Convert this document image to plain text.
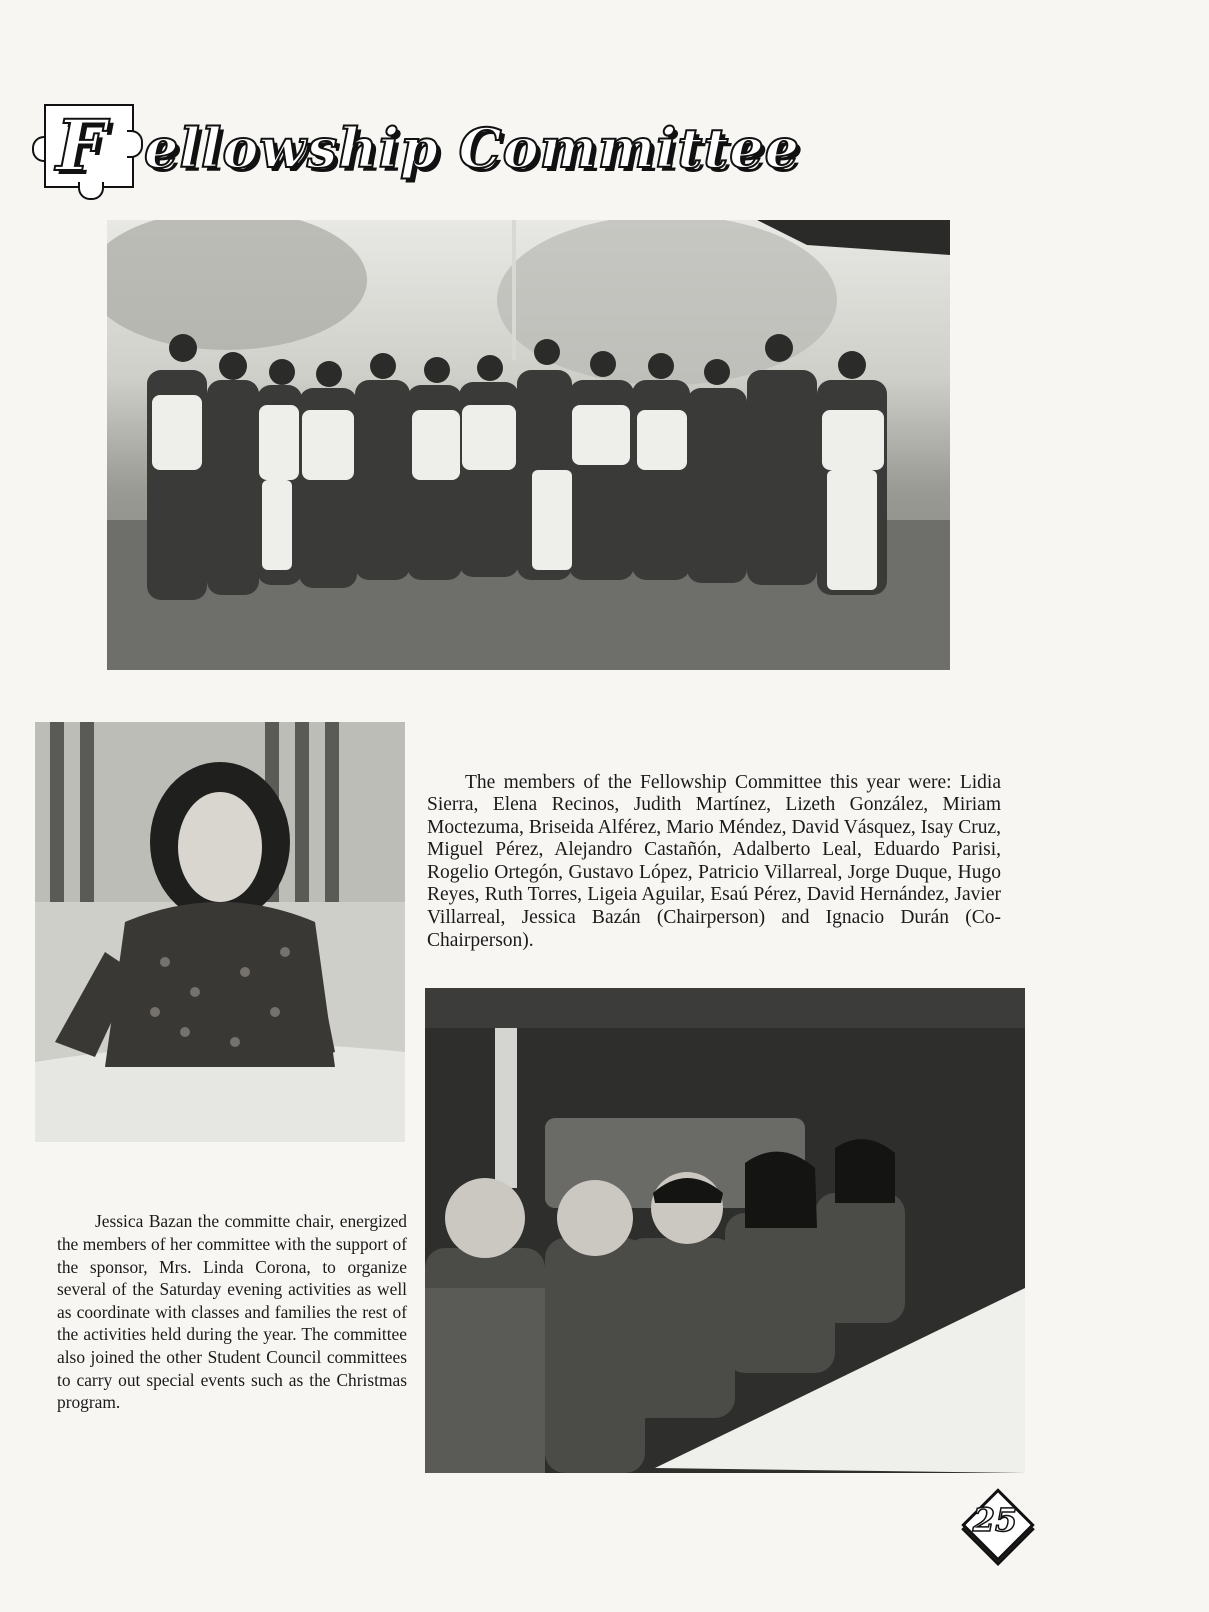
F ellowship Committee

The members of the Fellowship Committee this year were: Lidia Sierra, Elena Recinos, Judith Martínez, Lizeth González, Miriam Moctezuma, Briseida Alférez, Mario Méndez, David Vásquez, Isay Cruz, Miguel Pérez, Alejandro Castañón, Adalberto Leal, Eduardo Parisi, Rogelio Ortegón, Gustavo López, Patricio Villarreal, Jorge Duque, Hugo Reyes, Ruth Torres, Ligeia Aguilar, Esaú Pérez, David Hernández, Javier Villarreal, Jessica Bazán (Chairperson) and Ignacio Durán (Co-Chairperson).

Jessica Bazan the committe chair, energized the members of her committee with the support of the sponsor, Mrs. Linda Corona, to organize several of the Saturday evening activities as well as coordinate with classes and families the rest of the activities held during the year. The committee also joined the other Student Council committees to carry out special events such as the Christmas program.

25
